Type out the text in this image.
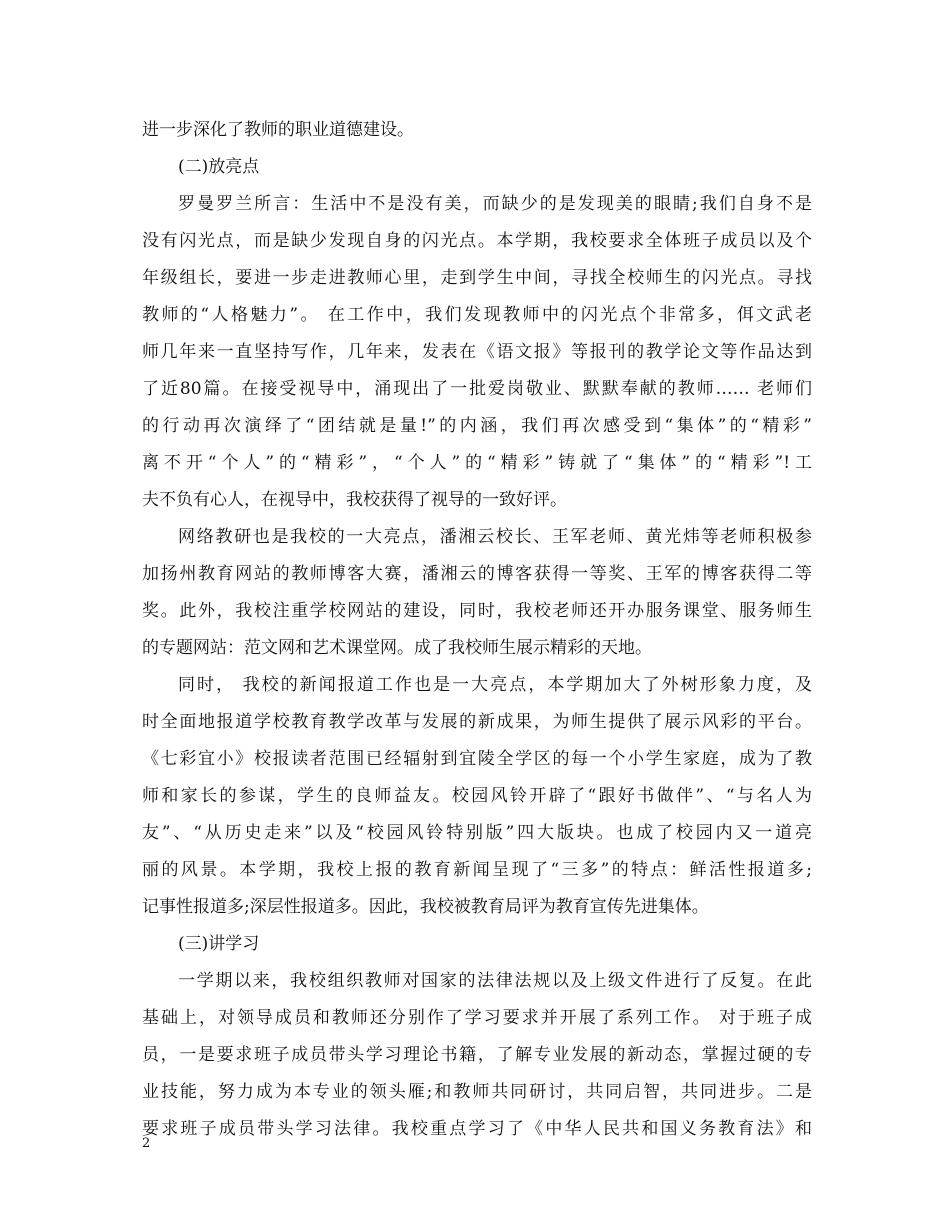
进一步深化了教师的职业道德建设。
(二)放亮点
罗曼罗兰所言：生活中不是没有美，而缺少的是发现美的眼睛;我们自身不是
没有闪光点，而是缺少发现自身的闪光点。本学期，我校要求全体班子成员以及个
年级组长，要进一步走进教师心里，走到学生中间，寻找全校师生的闪光点。寻找
教师的“人格魅力”。 在工作中，我们发现教师中的闪光点个非常多，佴文武老
师几年来一直坚持写作，几年来，发表在《语文报》等报刊的教学论文等作品达到
了近80篇。在接受视导中，涌现出了一批爱岗敬业、默默奉献的教师…… 老师们
的行动再次演绎了“团结就是量!”的内涵，我们再次感受到“集体”的“精彩”
离不开“个人”的“精彩”，“个人”的“精彩”铸就了“集体”的“精彩”!工
夫不负有心人，在视导中，我校获得了视导的一致好评。
网络教研也是我校的一大亮点，潘湘云校长、王军老师、黄光炜等老师积极参
加扬州教育网站的教师博客大赛，潘湘云的博客获得一等奖、王军的博客获得二等
奖。此外，我校注重学校网站的建设，同时，我校老师还开办服务课堂、服务师生
的专题网站：范文网和艺术课堂网。成了我校师生展示精彩的天地。
同时， 我校的新闻报道工作也是一大亮点，本学期加大了外树形象力度，及
时全面地报道学校教育教学改革与发展的新成果，为师生提供了展示风彩的平台。
《七彩宜小》校报读者范围已经辐射到宜陵全学区的每一个小学生家庭，成为了教
师和家长的参谋，学生的良师益友。校园风铃开辟了“跟好书做伴”、“与名人为
友”、“从历史走来”以及“校园风铃特别版”四大版块。也成了校园内又一道亮
丽的风景。本学期，我校上报的教育新闻呈现了“三多”的特点：鲜活性报道多;
记事性报道多;深层性报道多。因此，我校被教育局评为教育宣传先进集体。
(三)讲学习
一学期以来，我校组织教师对国家的法律法规以及上级文件进行了反复。在此
基础上，对领导成员和教师还分别作了学习要求并开展了系列工作。 对于班子成
员，一是要求班子成员带头学习理论书籍，了解专业发展的新动态，掌握过硬的专
业技能，努力成为本专业的领头雁;和教师共同研讨，共同启智，共同进步。二是
要求班子成员带头学习法律。我校重点学习了《中华人民共和国义务教育法》和
2
